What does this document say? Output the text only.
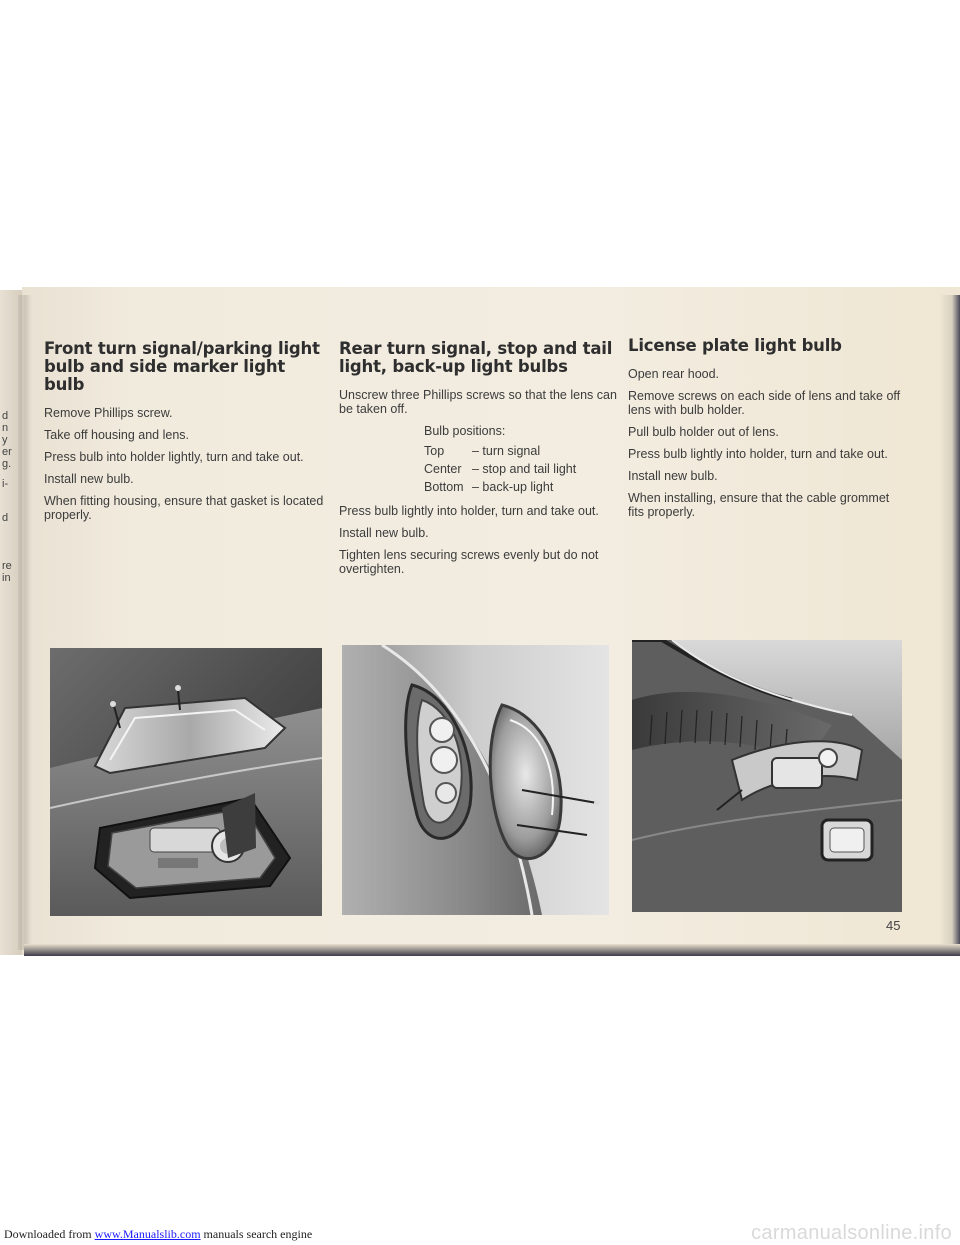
d
n
y
er
g.
i-
d
re
in
Front turn signal/parking light bulb and side marker light bulb

Remove Phillips screw.

Take off housing and lens.

Press bulb into holder lightly, turn and take out.

Install new bulb.

When fitting housing, ensure that gasket is located properly.

Rear turn signal, stop and tail light, back-up light bulbs

Unscrew three Phillips screws so that the lens can be taken off.

Bulb positions:
Top	– turn signal
Center – stop and tail light
Bottom – back-up light

Press bulb lightly into holder, turn and take out.

Install new bulb.

Tighten lens securing screws evenly but do not overtighten.

License plate light bulb

Open rear hood.

Remove screws on each side of lens and take off lens with bulb holder.

Pull bulb holder out of lens.

Press bulb lightly into holder, turn and take out.

Install new bulb.

When installing, ensure that the cable grommet fits properly.

45
Downloaded from www.Manualslib.com manuals search engine	carmanualsonline.info
